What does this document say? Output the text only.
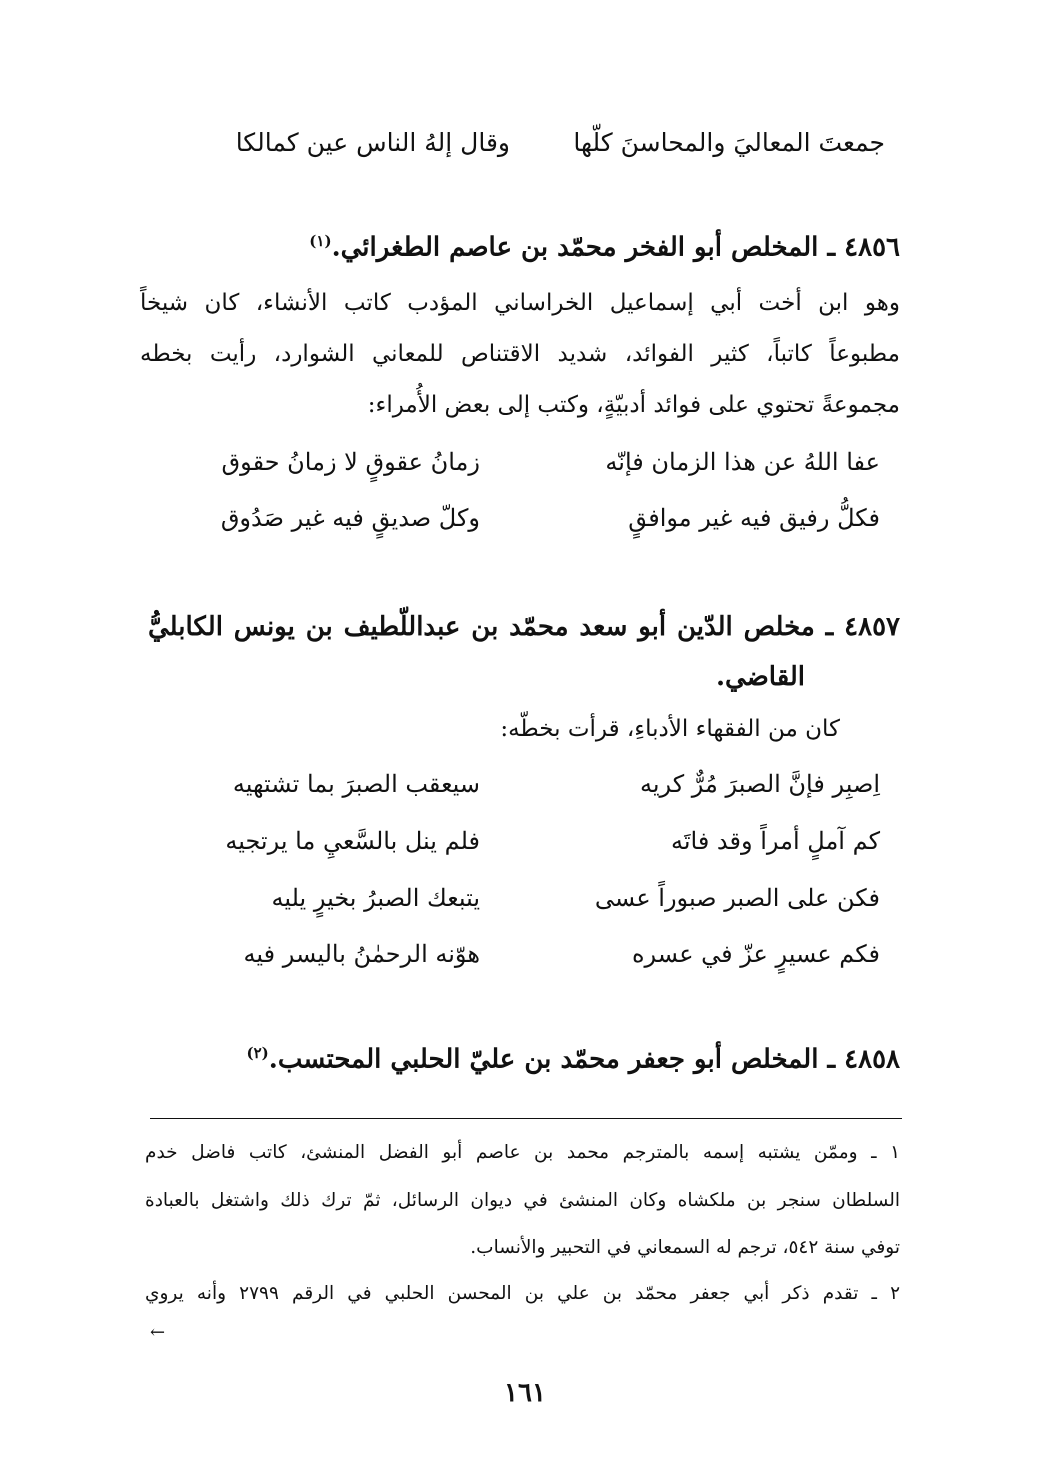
جمعتَ المعاليَ والمحاسنَ كلّها
وقال إلهُ الناس عين كمالكا
٤٨٥٦ ـ المخلص أبو الفخر محمّد بن عاصم الطغرائي.$^{(١)}$
وهو ابن أخت أبي إسماعيل الخراساني المؤدب كاتب الأنشاء، كان شيخاً
مطبوعاً كاتباً، كثير الفوائد، شديد الاقتناص للمعاني الشوارد، رأيت بخطه
مجموعةً تحتوي على فوائد أدبيّةٍ، وكتب إلى بعض الأُمراء:
عفا اللهُ عن هذا الزمان فإنّه
زمانُ عقوقٍ لا زمانُ حقوق
فكلُّ رفيق فيه غير موافقٍ
وكلّ صديقٍ فيه غير صَدُوق
٤٨٥٧ ـ مخلص الدّين أبو سعد محمّد بن عبداللّطيف بن يونس الكابليُّ
القاضي.
كان من الفقهاء الأدباءِ، قرأت بخطّه:
اِصبِر فإنَّ الصبرَ مُرٌّ كريه
سيعقب الصبرَ بما تشتهيه
كم آملٍ أمراً وقد فاتَه
فلم ينل بالسَّعيِ ما يرتجيه
فكن على الصبر صبوراً عسى
يتبعك الصبرُ بخيرٍ يليه
فكم عسيرٍ عزّ في عسره
هوّنه الرحمٰنُ باليسر فيه
٤٨٥٨ ـ المخلص أبو جعفر محمّد بن عليّ الحلبي المحتسب.$^{(٢)}$
١ ـ وممّن يشتبه إسمه بالمترجم محمد بن عاصم أبو الفضل المنشئ، كاتب فاضل خدم
السلطان سنجر بن ملكشاه وكان المنشئ في ديوان الرسائل، ثمّ ترك ذلك واشتغل بالعبادة
توفي سنة ٥٤٢، ترجم له السمعاني في التحبير والأنساب.
٢ ـ تقدم ذكر أبي جعفر محمّد بن علي بن المحسن الحلبي في الرقم ٢٧٩٩ وأنه يروي
←
١٦١
